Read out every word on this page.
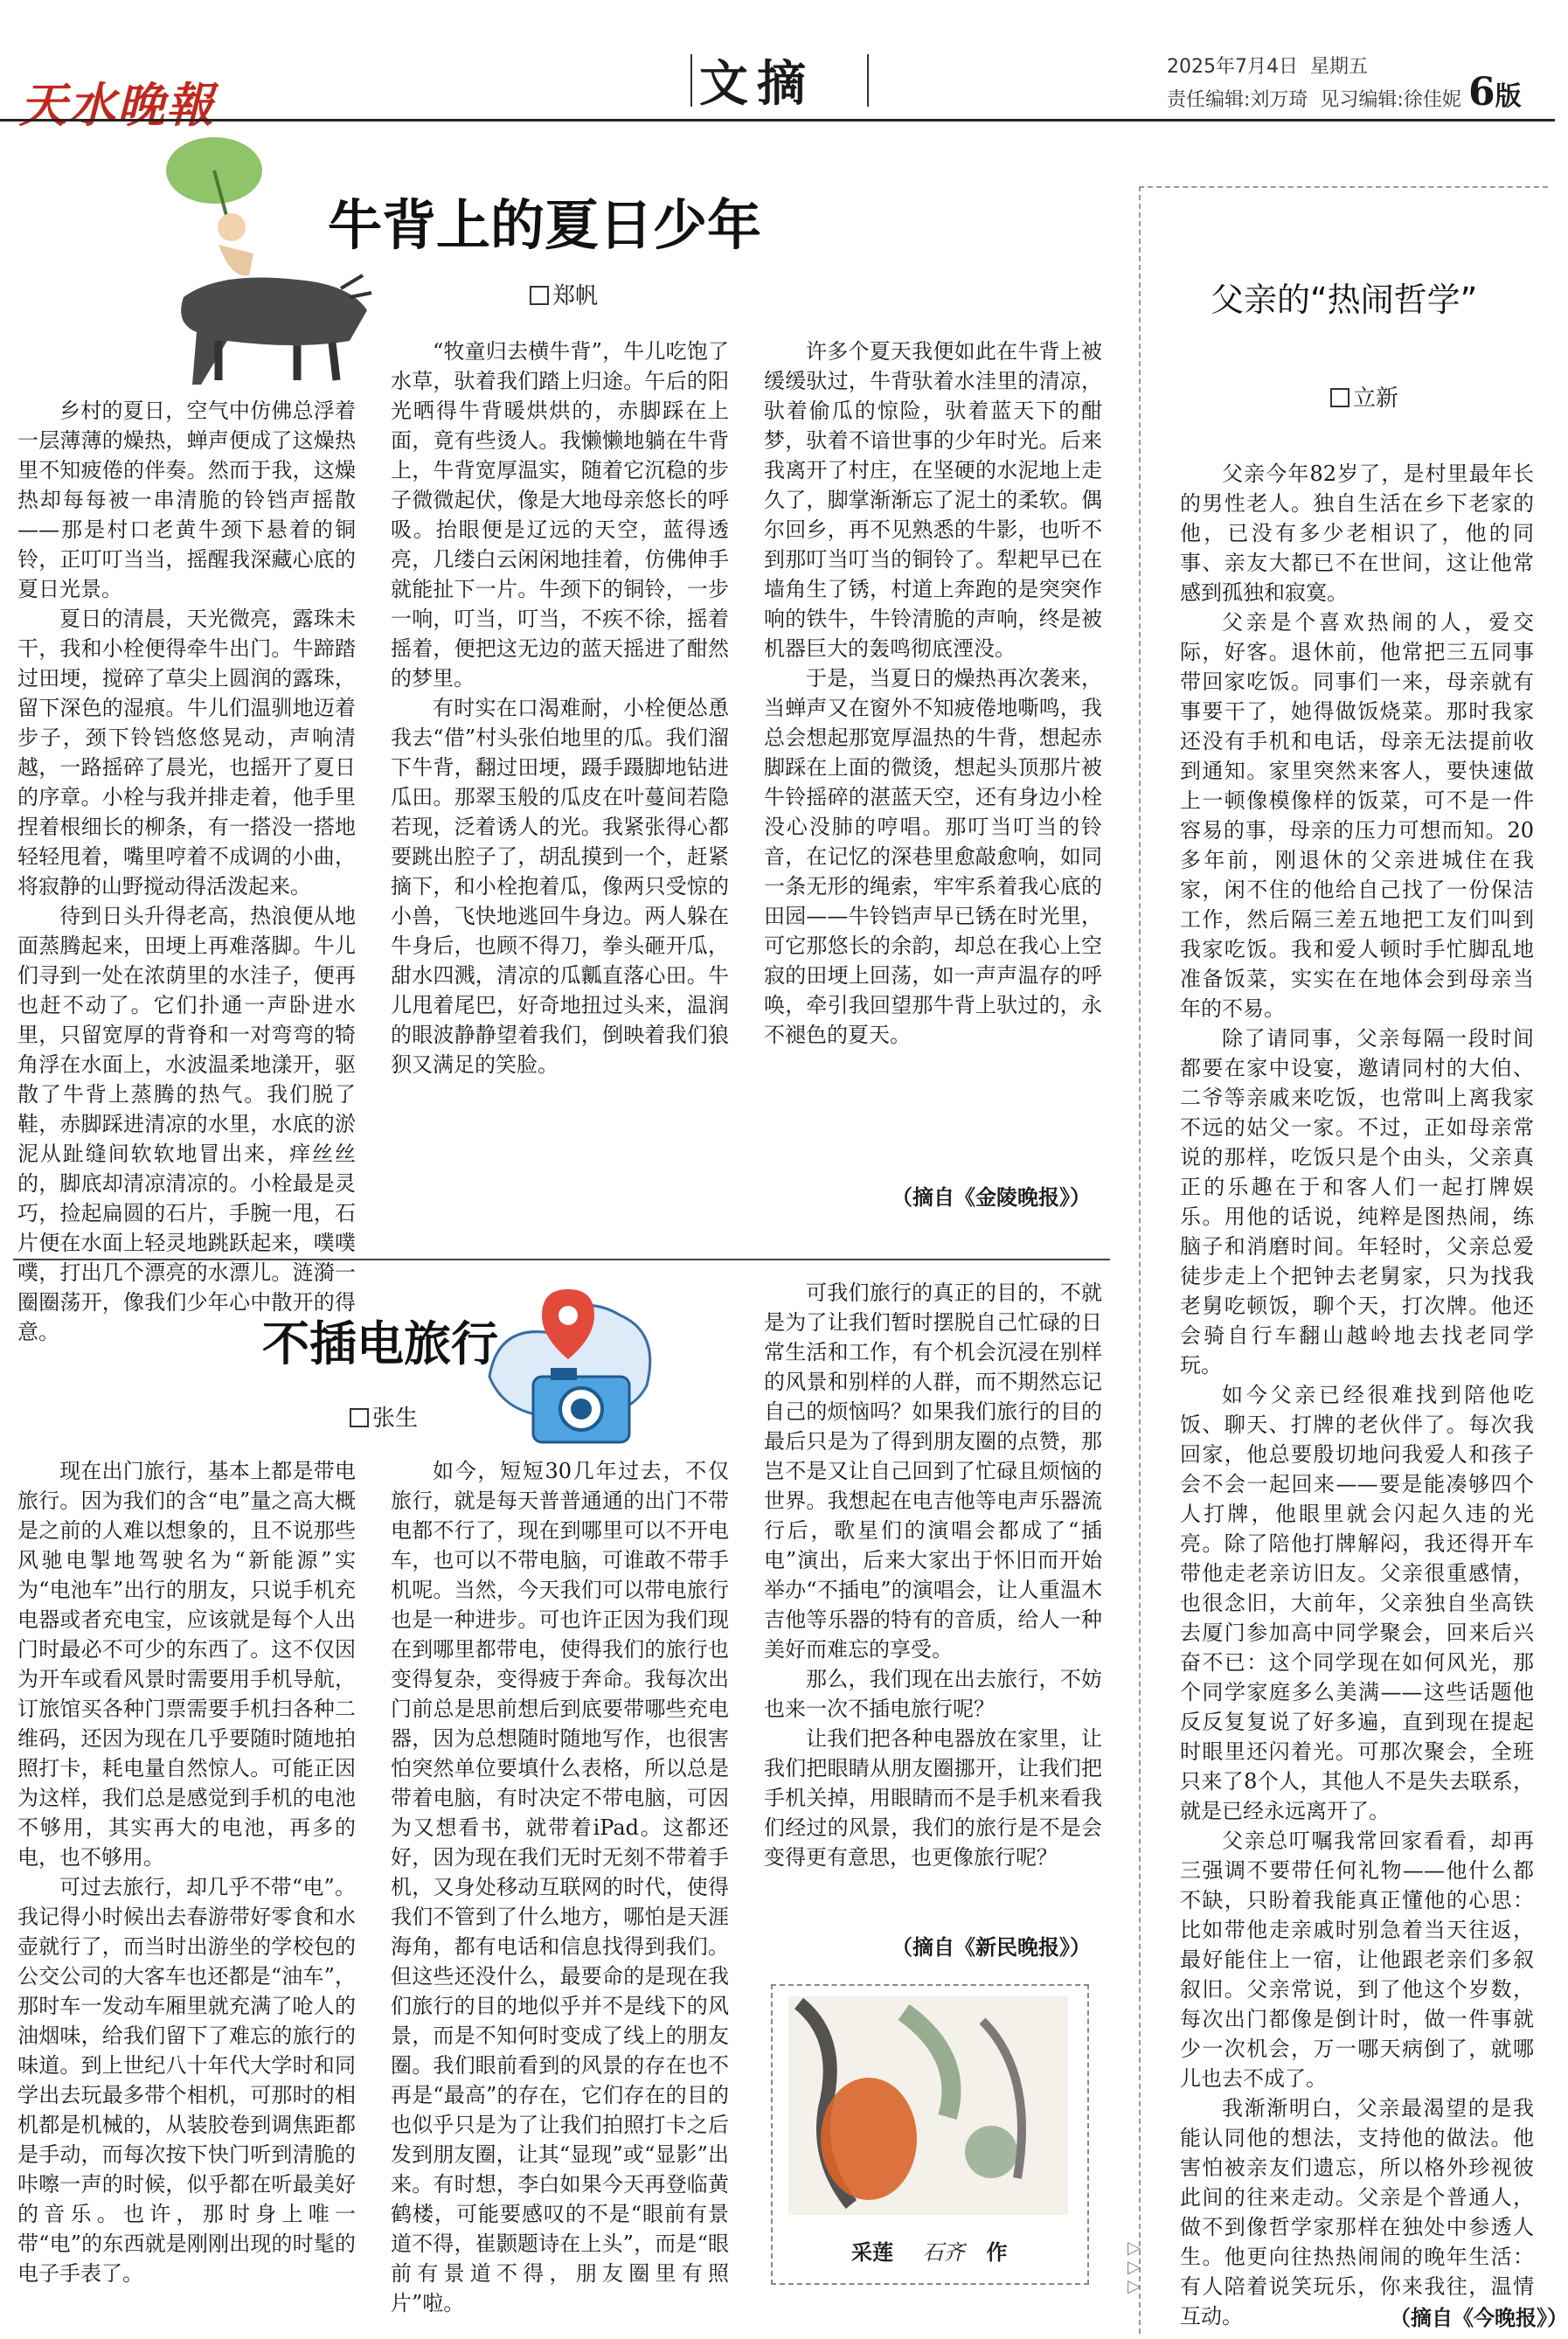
天水晚報	文摘	2025年7月4日 星期五
责任编辑:刘万琦 见习编辑:徐佳妮 6版
牛背上的夏日少年
郑帆

乡村的夏日，空气中仿佛总浮着一层薄薄的燥热，蝉声便成了这燥热里不知疲倦的伴奏。然而于我，这燥热却每每被一串清脆的铃铛声摇散——那是村口老黄牛颈下悬着的铜铃，正叮叮当当，摇醒我深藏心底的夏日光景。

夏日的清晨，天光微亮，露珠未干，我和小栓便得牵牛出门。牛蹄踏过田埂，搅碎了草尖上圆润的露珠，留下深色的湿痕。牛儿们温驯地迈着步子，颈下铃铛悠悠晃动，声响清越，一路摇碎了晨光，也摇开了夏日的序章。小栓与我并排走着，他手里捏着根细长的柳条，有一搭没一搭地轻轻甩着，嘴里哼着不成调的小曲，将寂静的山野搅动得活泼起来。

待到日头升得老高，热浪便从地面蒸腾起来，田埂上再难落脚。牛儿们寻到一处在浓荫里的水洼子，便再也赶不动了。它们扑通一声卧进水里，只留宽厚的背脊和一对弯弯的犄角浮在水面上，水波温柔地漾开，驱散了牛背上蒸腾的热气。我们脱了鞋，赤脚踩进清凉的水里，水底的淤泥从趾缝间软软地冒出来，痒丝丝的，脚底却清凉清凉的。小栓最是灵巧，捡起扁圆的石片，手腕一甩，石片便在水面上轻灵地跳跃起来，噗噗噗，打出几个漂亮的水漂儿。涟漪一圈圈荡开，像我们少年心中散开的得意。

“牧童归去横牛背”，牛儿吃饱了水草，驮着我们踏上归途。午后的阳光晒得牛背暖烘烘的，赤脚踩在上面，竟有些烫人。我懒懒地躺在牛背上，牛背宽厚温实，随着它沉稳的步子微微起伏，像是大地母亲悠长的呼吸。抬眼便是辽远的天空，蓝得透亮，几缕白云闲闲地挂着，仿佛伸手就能扯下一片。牛颈下的铜铃，一步一响，叮当，叮当，不疾不徐，摇着摇着，便把这无边的蓝天摇进了酣然的梦里。

有时实在口渴难耐，小栓便怂恿我去“借”村头张伯地里的瓜。我们溜下牛背，翻过田埂，蹑手蹑脚地钻进瓜田。那翠玉般的瓜皮在叶蔓间若隐若现，泛着诱人的光。我紧张得心都要跳出腔子了，胡乱摸到一个，赶紧摘下，和小栓抱着瓜，像两只受惊的小兽，飞快地逃回牛身边。两人躲在牛身后，也顾不得刀，拳头砸开瓜，甜水四溅，清凉的瓜瓤直落心田。牛儿甩着尾巴，好奇地扭过头来，温润的眼波静静望着我们，倒映着我们狼狈又满足的笑脸。

许多个夏天我便如此在牛背上被缓缓驮过，牛背驮着水洼里的清凉，驮着偷瓜的惊险，驮着蓝天下的酣梦，驮着不谙世事的少年时光。后来我离开了村庄，在坚硬的水泥地上走久了，脚掌渐渐忘了泥土的柔软。偶尔回乡，再不见熟悉的牛影，也听不到那叮当叮当的铜铃了。犁耙早已在墙角生了锈，村道上奔跑的是突突作响的铁牛，牛铃清脆的声响，终是被机器巨大的轰鸣彻底湮没。

于是，当夏日的燥热再次袭来，当蝉声又在窗外不知疲倦地嘶鸣，我总会想起那宽厚温热的牛背，想起赤脚踩在上面的微烫，想起头顶那片被牛铃摇碎的湛蓝天空，还有身边小栓没心没肺的哼唱。那叮当叮当的铃音，在记忆的深巷里愈敲愈响，如同一条无形的绳索，牢牢系着我心底的田园——牛铃铛声早已锈在时光里，可它那悠长的余韵，却总在我心上空寂的田埂上回荡，如一声声温存的呼唤，牵引我回望那牛背上驮过的，永不褪色的夏天。

（摘自《金陵晚报》）
不插电旅行
张生

现在出门旅行，基本上都是带电旅行。因为我们的含“电”量之高大概是之前的人难以想象的，且不说那些风驰电掣地驾驶名为“新能源”实为“电池车”出行的朋友，只说手机充电器或者充电宝，应该就是每个人出门时最必不可少的东西了。这不仅因为开车或看风景时需要用手机导航，订旅馆买各种门票需要手机扫各种二维码，还因为现在几乎要随时随地拍照打卡，耗电量自然惊人。可能正因为这样，我们总是感觉到手机的电池不够用，其实再大的电池，再多的电，也不够用。

可过去旅行，却几乎不带“电”。我记得小时候出去春游带好零食和水壶就行了，而当时出游坐的学校包的公交公司的大客车也还都是“油车”，那时车一发动车厢里就充满了呛人的油烟味，给我们留下了难忘的旅行的味道。到上世纪八十年代大学时和同学出去玩最多带个相机，可那时的相机都是机械的，从装胶卷到调焦距都是手动，而每次按下快门听到清脆的咔嚓一声的时候，似乎都在听最美好的音乐。也许，那时身上唯一带“电”的东西就是刚刚出现的时髦的电子手表了。

如今，短短30几年过去，不仅旅行，就是每天普普通通的出门不带电都不行了，现在到哪里可以不开电车，也可以不带电脑，可谁敢不带手机呢。当然，今天我们可以带电旅行也是一种进步。可也许正因为我们现在到哪里都带电，使得我们的旅行也变得复杂，变得疲于奔命。我每次出门前总是思前想后到底要带哪些充电器，因为总想随时随地写作，也很害怕突然单位要填什么表格，所以总是带着电脑，有时决定不带电脑，可因为又想看书，就带着iPad。这都还好，因为现在我们无时无刻不带着手机，又身处移动互联网的时代，使得我们不管到了什么地方，哪怕是天涯海角，都有电话和信息找得到我们。但这些还没什么，最要命的是现在我们旅行的目的地似乎并不是线下的风景，而是不知何时变成了线上的朋友圈。我们眼前看到的风景的存在也不再是“最高”的存在，它们存在的目的也似乎只是为了让我们拍照打卡之后发到朋友圈，让其“显现”或“显影”出来。有时想，李白如果今天再登临黄鹤楼，可能要感叹的不是“眼前有景道不得，崔颢题诗在上头”，而是“眼前有景道不得，朋友圈里有照片”啦。

可我们旅行的真正的目的，不就是为了让我们暂时摆脱自己忙碌的日常生活和工作，有个机会沉浸在别样的风景和别样的人群，而不期然忘记自己的烦恼吗？如果我们旅行的目的最后只是为了得到朋友圈的点赞，那岂不是又让自己回到了忙碌且烦恼的世界。我想起在电吉他等电声乐器流行后，歌星们的演唱会都成了“插电”演出，后来大家出于怀旧而开始举办“不插电”的演唱会，让人重温木吉他等乐器的特有的音质，给人一种美好而难忘的享受。

那么，我们现在出去旅行，不妨也来一次不插电旅行呢？

让我们把各种电器放在家里，让我们把眼睛从朋友圈挪开，让我们把手机关掉，用眼睛而不是手机来看我们经过的风景，我们的旅行是不是会变得更有意思，也更像旅行呢？

（摘自《新民晚报》）
采莲 石齐 作
父亲的“热闹哲学”
立新

父亲今年82岁了，是村里最年长的男性老人。独自生活在乡下老家的他，已没有多少老相识了，他的同事、亲友大都已不在世间，这让他常感到孤独和寂寞。

父亲是个喜欢热闹的人，爱交际，好客。退休前，他常把三五同事带回家吃饭。同事们一来，母亲就有事要干了，她得做饭烧菜。那时我家还没有手机和电话，母亲无法提前收到通知。家里突然来客人，要快速做上一顿像模像样的饭菜，可不是一件容易的事，母亲的压力可想而知。20多年前，刚退休的父亲进城住在我家，闲不住的他给自己找了一份保洁工作，然后隔三差五地把工友们叫到我家吃饭。我和爱人顿时手忙脚乱地准备饭菜，实实在在地体会到母亲当年的不易。

除了请同事，父亲每隔一段时间都要在家中设宴，邀请同村的大伯、二爷等亲戚来吃饭，也常叫上离我家不远的姑父一家。不过，正如母亲常说的那样，吃饭只是个由头，父亲真正的乐趣在于和客人们一起打牌娱乐。用他的话说，纯粹是图热闹，练脑子和消磨时间。年轻时，父亲总爱徒步走上个把钟去老舅家，只为找我老舅吃顿饭，聊个天，打次牌。他还会骑自行车翻山越岭地去找老同学玩。

如今父亲已经很难找到陪他吃饭、聊天、打牌的老伙伴了。每次我回家，他总要殷切地问我爱人和孩子会不会一起回来——要是能凑够四个人打牌，他眼里就会闪起久违的光亮。除了陪他打牌解闷，我还得开车带他走老亲访旧友。父亲很重感情，也很念旧，大前年，父亲独自坐高铁去厦门参加高中同学聚会，回来后兴奋不已：这个同学现在如何风光，那个同学家庭多么美满——这些话题他反反复复说了好多遍，直到现在提起时眼里还闪着光。可那次聚会，全班只来了8个人，其他人不是失去联系，就是已经永远离开了。

父亲总叮嘱我常回家看看，却再三强调不要带任何礼物——他什么都不缺，只盼着我能真正懂他的心思：比如带他走亲戚时别急着当天往返，最好能住上一宿，让他跟老亲们多叙叙旧。父亲常说，到了他这个岁数，每次出门都像是倒计时，做一件事就少一次机会，万一哪天病倒了，就哪儿也去不成了。

我渐渐明白，父亲最渴望的是我能认同他的想法，支持他的做法。他害怕被亲友们遗忘，所以格外珍视彼此间的往来走动。父亲是个普通人，做不到像哲学家那样在独处中参透人生。他更向往热热闹闹的晚年生活：有人陪着说笑玩乐，你来我往，温情互动。	（摘自《今晚报》）
▷
▷
▷
